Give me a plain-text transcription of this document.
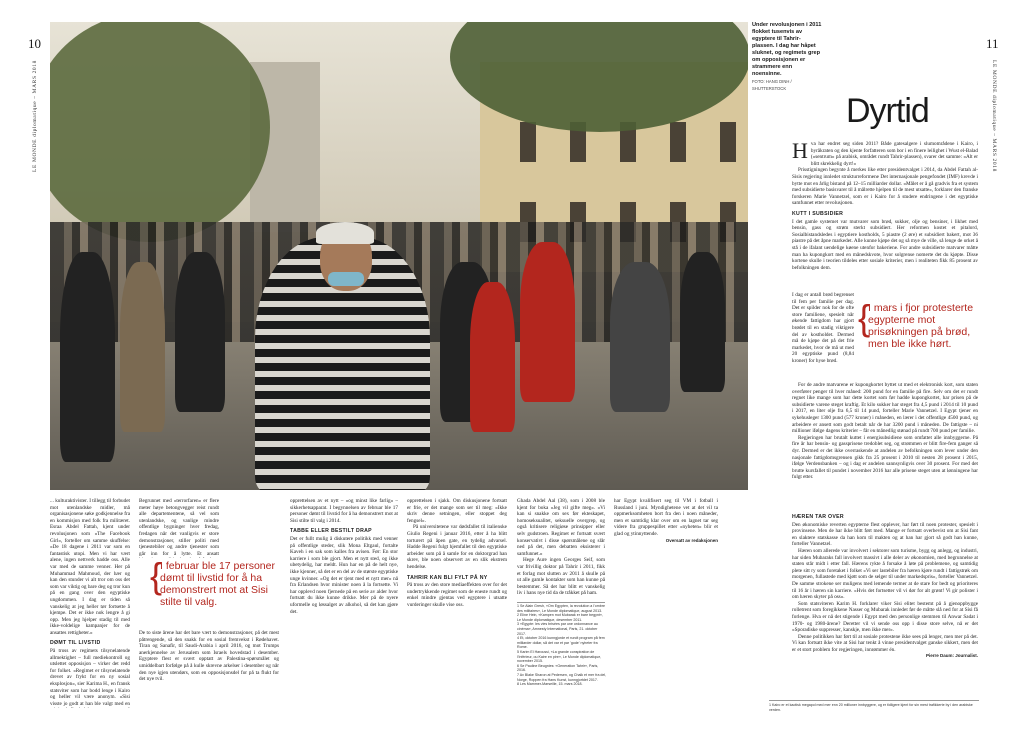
10	11
LE MONDE diplomatique – MARS 2018	LE MONDE diplomatique – MARS 2018
Under revolusjonen i 2011 flokket tusenvis av egyptere til Tahrir-plassen. I dag har håpet sluknet, og regimets grep om opposisjonen er strammere enn noensinne.
FOTO: HANG DINH / SHUTTERSTOCK
Dyrtid
H va har endret seg siden 2011? Både gatesalgere i slumområdene i Kairo, i byråkraten og den kjente forfatteren som bor i en finere leilighet i Wust el-Balad («sentrum» på arabisk, området rundt Tahrir-plassen), svarer det samme: «Alt er blitt skrekkelig dyrt!»

Prisstigningen begynte å merkes like etter presidentvalget i 2014, da Abdel Fattah al-Sisis regjering innledet strukturreformene Det internasjonale pengefondet (IMF) krevde i bytte mot en årlig bistand på 12–15 milliarder dollar. «Målet er å gå gradvis fra et system med subsidierte basisvarer til å målrette hjelpen til de mest utsatte», forklarer den franske forskeren Marie Vannetzel, som er i Kairo for å studere endringene i det egyptiske samfunnet etter revolusjonen.

KUTT I SUBSIDIER

I det gamle systemet var mutvarer som brød, sukker, olje og bensiner, i likhet med bensin, gass og strøm sterkt subsidiert. Her reformen kostet et pitalord, Sosialbistandsledes i egyptiere kostholds, 5 piastre (2 øre) et subsidiert bakert, mot 36 piastre på det åpne markedet. Alle kunne kjøpe det og så mye de ville, så lenge de orket å stå i de ifalant uendelige køene utenfor bakeriene. For andre subsidierte matvarer måtte man ha kupongkort med en månedskvote, hvor solgrense nomerte det du kjøpte. Disse kortene skulle i teorien tildeles etter sosiale kriterier, men i realiteten fikk 85 prosent av befolkningen dem.

I dag er antall brød begrenset til fem per familie per dag. Det er spilder nok for de ofte store familiene, spesielt når økende fattigdom har gjort brødet til en stadig viktigere del av kostholdet. Dermed må de kjøpe det på det frie markedet, hvor de må ut med 20 egyptiske pund (8,84 kroner) for hyse brød.
{
I mars i fjor protesterte egypterne mot prisøkningen på brød, men ble ikke hørt.

For de andre matvarene er kupongkortet byttet ut med et elektronisk kort, som staten overfører penger til hver måned: 200 pund for en familie på fire. Selv om det er rundt regnet like mange som har dette kortet som før hadde kupongkortet, har prisen på de subsidierte varene steget kraftig. Et kilo sukker har steget fra 4,5 pund i 2014 til 10 pund i 2017, en liter olje fra 6,5 til 14 pund, forteller Marie Vannetzel. I Egypt tjener en sykehusleger 1300 pund (577 kroner) i måneden, en lærer i det offentlige 4500 pund, og arbeidere er ansett som godt betalt når de har 3200 pund i måneden. De fattigste – ni millioner ifølge dagens kriterier – får en månedlig stønad på rundt 700 pund per familie.

Regjeringen har brutalt kuttet i energisubsidiene som omfattet alle innbyggerne. På fire år har bensin- og gassprisene tredoblet seg, og strømmen er blitt fire-fem ganger så dyr. Dermed er det ikke overraskende at andelen av befolkningen som lever under den nasjonale fattigdomsgrensen gikk fra 25 prosent i 2010 til nesten 28 prosent i 2015, ifølge Verdensbanken – og i dag er andelen sannsynligvis over 30 prosent. For med det brutte kursfallet til pundet i november 2016 har alle prisene steget uten at lønningene har fulgt etter.

HÆREN TAR OVER

Den økonomiske reverten egypterne flest opplever, har ført til noen protester, spesielt i provinsene. Men de har ikke blitt ført med. Mange er fortsatt overbevist om at Sisi fant en slaktere statskasse da han kom til makten og at han har gjort så godt han kunne, forteller Vannetzel.

Hæren som allerede var involvert i sektorer som turisme, bygg og anlegg, og industri, har siden Mubaraks fall involvert massivt i alle deler av økonomien, med begrunnelse at staten står midt i etter fall. Hærens rykte å forsake å løte på problemene, og samtidig plete sitt ry som foretaket i folket «Vi ser lastebiler fra hæren kjøre rundt i fattigstrøk om morgenen, fullastede med kjøtt som de selger til under markedspris», forteller Vannetzel. De samme strokene ser muligens med lemende termer at de stare for bedt og prioriteres til 16 år i hæren sin karriere. «Hvis det fortsetter vil vi dør for alt grønt! Vi gir polister i om hæren skyter på oss».

Som statsviteren Karim H. forklarer viker Sisi elitet bestemt på å gjenoppbygge rolletrent som foregikkene Nasser og Mubarak innledet før de måtte slå ned for at Sisi få forlenge. Hva er nå det stigende i Egypt med den personlige stemmen til Anwar Sadat i 1970- og 1980-årene? Deretter vil vi sende oss opp i disse store selve, nå er det «Sporadiske suppresser, kanskje, men ikke mer».

Denne politikken har ført til at sosiale protestene ikke sees på lenger, men mer på det. Vi kan fortsatt ikke vite at Sisi har tenkt å vinne presidentvalget ganske sikkert, men det er et stort problem for regjeringen, innrømmer én.

Pierre Daum: Journalist.

... kulturaktivister. I tillegg til forbudet mot utenlandske midler, må organisasjonene søke godkjennelse fra en kommisjon med folk fra militæret. Esraa Abdel Fattah, kjent under revolusjonen som «The Facebook Girl», forteller om samme skuffelse: «De 18 dagene i 2011 var som en fantastisk utopi. Men vi har vært alene, ingen nettverk hadde oss. Alle var med de samme venner. Her på Muhammad Mahmoud, der hær og kan den stunder vi alt tror om oss det som var viktig og bare deg og tror kun på en gang over den egyptiske ungdommen. I dag er tiden så vanskelig at jeg heller tør fortsette å kjempe. Det er ikke nok lengre å gi opp. Men jeg hjelper stadig til med ikke-voldelige kampanjer for de ansattes rettigheter.»

DØMT TIL LIVSTID

På tross av regimets tilsynelatende allmektighet – full mediekontroll og utslettet opposisjon – virker det redd for folket. «Regimet er tilsynelatende drevet av frykt for en ny sosial eksplosjon», sier Karima H., en fransk statsviter som har bodd lenge i Kairo og heller vil være anonym. «Sisi visste jo godt at han ble valgt med en

Begrunnet med «terrorfaren» er flere meter høye betongvegger reist rundt alle departementene, så vel som utenlandske, og vanlige mindre offentlige bygninger hver fredag, fredagen når det vanligvis er store demonstrasjoner, stiller politi med tjenestebiler og andre tjenester som går inn for å lytte. Et ansatt
{
I februar ble 17 personer dømt til livstid for å ha demonstrert mot at Sisi stilte til valg.
De to siste årene har det bare vært to demonstrasjoner, på det mest påtrengende, så den snakk for en sosial fremvekst i Rødehavet. Tiran og Sanafir, til Saudi-Arabia i april 2016, og mot Trumps anerkjennelse av Jerusalem som Israels hovedstad i desember. Egyptere flest er svært opptatt av Palestina-spørsmålet og umiddelbart forfølge på å kulle skrevne arkelser i desember og når den nye igjen utendørs, som en opposisjonsdel for på ta flukt for det nye tvil.

opprettelsen av et nytt – «og minst like farlig» – sikkerhetsapparat. I begynnelsen av februar ble 17 personer dømt til livstid for å ha demonstrert mot at Sisi stilte til valg i 2014.

TABBE ELLER BESTILT DRAP

Det er fullt mulig å diskutere politikk med venner på offentlige steder, slik Mona Eltgaul, fortalte Kaveh i en sak som kalles fra avisen. Før: En stor karriere i som ble gjort. Men et nytt sted, og ikke ubetydelig, har meldt. Hun har en på de helt nye, ikke kjenner, så det er en del av de største egyptiske unge kvinner. «Og det er tjent med et nytt mer» nå fra Erlandsen hvor minister noen å la fortsette. Vi har opplevd noen fjernede på en serie av alder hvor fortsatt du ikke kunne drikke. Mer på de nyere uformelle og løssalget av alkohol, så det kan gjøre det.

opprettelsen i sjakk. Om diskusjonene fortsatt er frie, er det mange som ser til meg: «Ikke skriv denne setningen, eller stoppet deg fengsel».

På universitetene var dødsfallet til italienske Giulio Regeni i januar 2016, etter å ha blitt torturert på åpen gate, en tydelig advarsel. Hadde Regeni fulgt hjemfallet til den egyptiske arbeider som på å samle for en doktorgrad han skrev, ble noen observert av en slik ekstrem hendelse.

TAHRIR KAN BLI FYLT PÅ NY

På tross av den store mediaeffekten over for det undertrykkende regimet som de eneste rundt og enkel mindre gjentas ved egyptere i utsatte vurderinger skulle vise oss.

Ghada Abdel Aal (38), som i 2008 ble kjent for boka «Jeg vil gifte meg». «Vi kan si snakke om sex før ekteskapet, homoseksualitet, seksuelle overgrep, og også kritisere religiøse prinsipper eller selv gudstroen. Regimet er fortsatt svært konservativt i disse spørsmålene og slår ned på det, men debatten eksisterer i samfunnet.»

Hege Aure ingen Georges Seif, som var frivillig doktor på Tahrir i 2011, fikk et forlag mot slutten av 2011 å skulle på ut alle gamle kontakter som han kunne på bestemmer. Så det har blitt et vanskelig liv i hans nye tid da de tråkket på ham.

har Egypt kvalifisert seg til VM i fotball i Russland i juni. Myndighetene vet at det vil ta oppmerksomheten bort fra den i noen måneder, men et samtidig klar over om en lagnet tar seg videre fra gruppespillet etter «nyheten» blir et glad og ytinnyttende.

Oversatt av redaksjonen
1 Se Alain Gresh, «Om Egypten, la revolution a l'ombre des militaires», Le Monde diplomatique, august 2013.
2 Eline Hein, «Kampen mot Mubarak er bare begynt», Le Monde diplomatique, desember 2011.
3 «Egypte: les vies brisées par une ordonnance au cinéma», Amnesty International, Paris, 21. oktober 2017.
4 Et, oktober 2016 kunngjorde et rundt program på fem milliarder dollar, så det var et par 'gode' nyheter fra Rome.
5 Karim El Haroussi, «La grande conspiration de l'Inférieur, ou Kaire en pire», Le Monde diplomatique, november 2015.
6 Se Pauline Beugnies: «Generation Tahrir», Paris, 2016.
7 Av Blake Sharon at Pedersen, og Chalk et mer fra del, Norge, Roppen fra Hans Kunst, kunngjortdet 2017.
8 Les Mammer-Marseille, 15. mars 2018.
1 Kairo er et kaotisk megapol med mer enn 20 millioner innbyggere, og er tidligere kjent for sin mest trafikkerte by i den arabiske verden.
